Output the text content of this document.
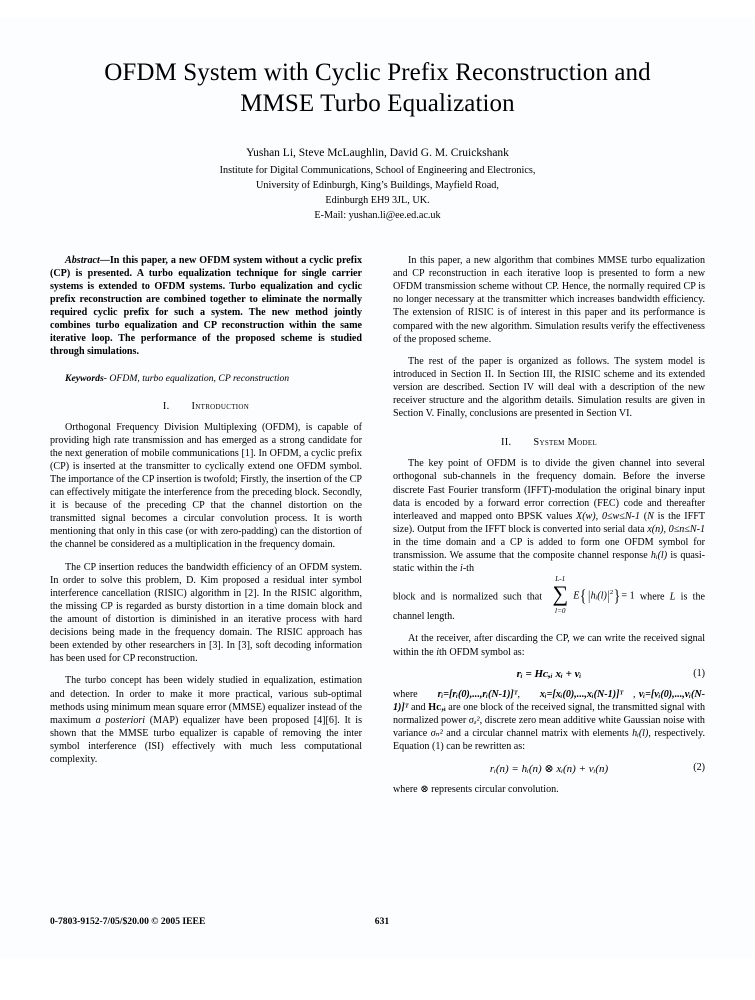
OFDM System with Cyclic Prefix Reconstruction and MMSE Turbo Equalization
Yushan Li, Steve McLaughlin, David G. M. Cruickshank
Institute for Digital Communications, School of Engineering and Electronics,
University of Edinburgh, King’s Buildings, Mayfield Road,
Edinburgh EH9 3JL, UK.
E-Mail: yushan.li@ee.ed.ac.uk

Abstract—In this paper, a new OFDM system without a cyclic prefix (CP) is presented. A turbo equalization technique for single carrier systems is extended to OFDM systems. Turbo equalization and cyclic prefix reconstruction are combined together to eliminate the normally required cyclic prefix for such a system. The new method jointly combines turbo equalization and CP reconstruction within the same iterative loop. The performance of the proposed scheme is studied through simulations.

Keywords- OFDM, turbo equalization, CP reconstruction

I. Introduction

Orthogonal Frequency Division Multiplexing (OFDM), is capable of providing high rate transmission and has emerged as a strong candidate for the next generation of mobile communications [1]. In OFDM, a cyclic prefix (CP) is inserted at the transmitter to cyclically extend one OFDM symbol. The importance of the CP insertion is twofold; Firstly, the insertion of the CP can effectively mitigate the interference from the preceding block. Secondly, it is because of the preceding CP that the channel distortion on the transmitted signal becomes a circular convolution process. It is worth mentioning that only in this case (or with zero-padding) can the distortion of the channel be considered as a multiplication in the frequency domain.

The CP insertion reduces the bandwidth efficiency of an OFDM system. In order to solve this problem, D. Kim proposed a residual inter symbol interference cancellation (RISIC) algorithm in [2]. In the RISIC algorithm, the missing CP is regarded as bursty distortion in a time domain block and the amount of distortion is diminished in an iterative process with hard decisions being made in the frequency domain. The RISIC approach has been extended by other researchers in [3]. In [3], soft decoding information has been used for CP reconstruction.

The turbo concept has been widely studied in equalization, estimation and detection. In order to make it more practical, various sub-optimal methods using minimum mean square error (MMSE) equalizer instead of the maximum a posteriori (MAP) equalizer have been proposed [4][6]. It is shown that the MMSE turbo equalizer is capable of removing the inter symbol interference (ISI) effectively with much less computational complexity.

In this paper, a new algorithm that combines MMSE turbo equalization and CP reconstruction in each iterative loop is presented to form a new OFDM transmission scheme without CP. Hence, the normally required CP is no longer necessary at the transmitter which increases bandwidth efficiency. The extension of RISIC is of interest in this paper and its performance is compared with the new algorithm. Simulation results verify the effectiveness of the proposed scheme.

The rest of the paper is organized as follows. The system model is introduced in Section II. In Section III, the RISIC scheme and its extended version are described. Section IV will deal with a description of the new receiver structure and the algorithm details. Simulation results are given in Section V. Finally, conclusions are presented in Section VI.

II. System Model

The key point of OFDM is to divide the given channel into several orthogonal sub-channels in the frequency domain. Before the inverse discrete Fast Fourier transform (IFFT)-modulation the original binary input data is encoded by a forward error correction (FEC) code and thereafter interleaved and mapped onto BPSK values X(w), 0≤w≤N-1 (N is the IFFT size). Output from the IFFT block is converted into serial data x(n), 0≤n≤N-1 in the time domain and a CP is added to form one OFDM symbol for transmission. We assume that the composite channel response hᵢ(l) is quasi-static within the i-th

block and is normalized such that
L-1
∑
l=0
$E\{|hᵢ(l)|^2\}= 1$ where L is the channel length.

At the receiver, after discarding the CP, we can write the received signal within the ith OFDM symbol as:

rᵢ = Hᴄ,ᵢ xᵢ + vᵢ	(1)

where      rᵢ=[rᵢ(0),...,rᵢ(N-1)]ᵀ,      xᵢ=[xᵢ(0),...,xᵢ(N-1)]ᵀ   , vᵢ=[vᵢ(0),...,vᵢ(N-1)]ᵀ and Hᴄ,ᵢ are one block of the received signal, the transmitted signal with normalized power σₔ², discrete zero mean additive white Gaussian noise with variance σₙ² and a circular channel matrix with elements hᵢ(l), respectively. Equation (1) can be rewritten as:

rᵢ(n) = hᵢ(n) ⊗ xᵢ(n) + vᵢ(n)	(2)

where ⊗ represents circular convolution.

0-7803-9152-7/05/$20.00 © 2005 IEEE	631
